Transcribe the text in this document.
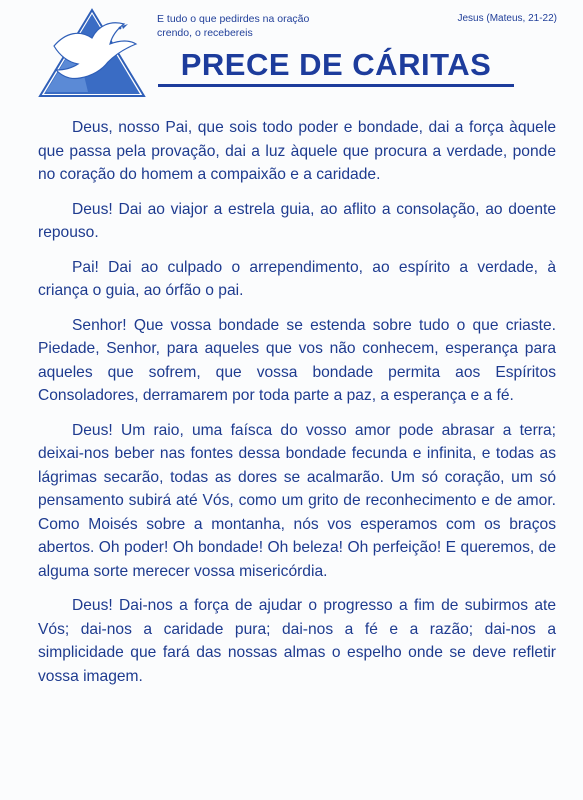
E tudo o que pedirdes na oração
crendo, o recebereis
Jesus (Mateus, 21-22)
PRECE DE CÁRITAS

Deus, nosso Pai, que sois todo poder e bondade, dai a força àquele que passa pela provação, dai a luz àquele que procura a verdade, ponde no coração do homem a compaixão e a caridade.

Deus! Dai ao viajor a estrela guia, ao aflito a consolação, ao doente repouso.

Pai! Dai ao culpado o arrependimento, ao espírito a verdade, à criança o guia, ao órfão o pai.

Senhor! Que vossa bondade se estenda sobre tudo o que criaste. Piedade, Senhor, para aqueles que vos não conhecem, esperança para aqueles que sofrem, que vossa bondade permita aos Espíritos Consoladores, derramarem por toda parte a paz, a esperança e a fé.

Deus! Um raio, uma faísca do vosso amor pode abrasar a terra; deixai-nos beber nas fontes dessa bondade fecunda e infinita, e todas as lágrimas secarão, todas as dores se acalmarão. Um só coração, um só pensamento subirá até Vós, como um grito de reconhecimento e de amor. Como Moisés sobre a montanha, nós vos esperamos com os braços abertos. Oh poder! Oh bondade! Oh beleza! Oh perfeição! E queremos, de alguma sorte merecer vossa misericórdia.

Deus! Dai-nos a força de ajudar o progresso a fim de subirmos ate Vós; dai-nos a caridade pura; dai-nos a fé e a razão; dai-nos a simplicidade que fará das nossas almas o espelho onde se deve refletir vossa imagem.
